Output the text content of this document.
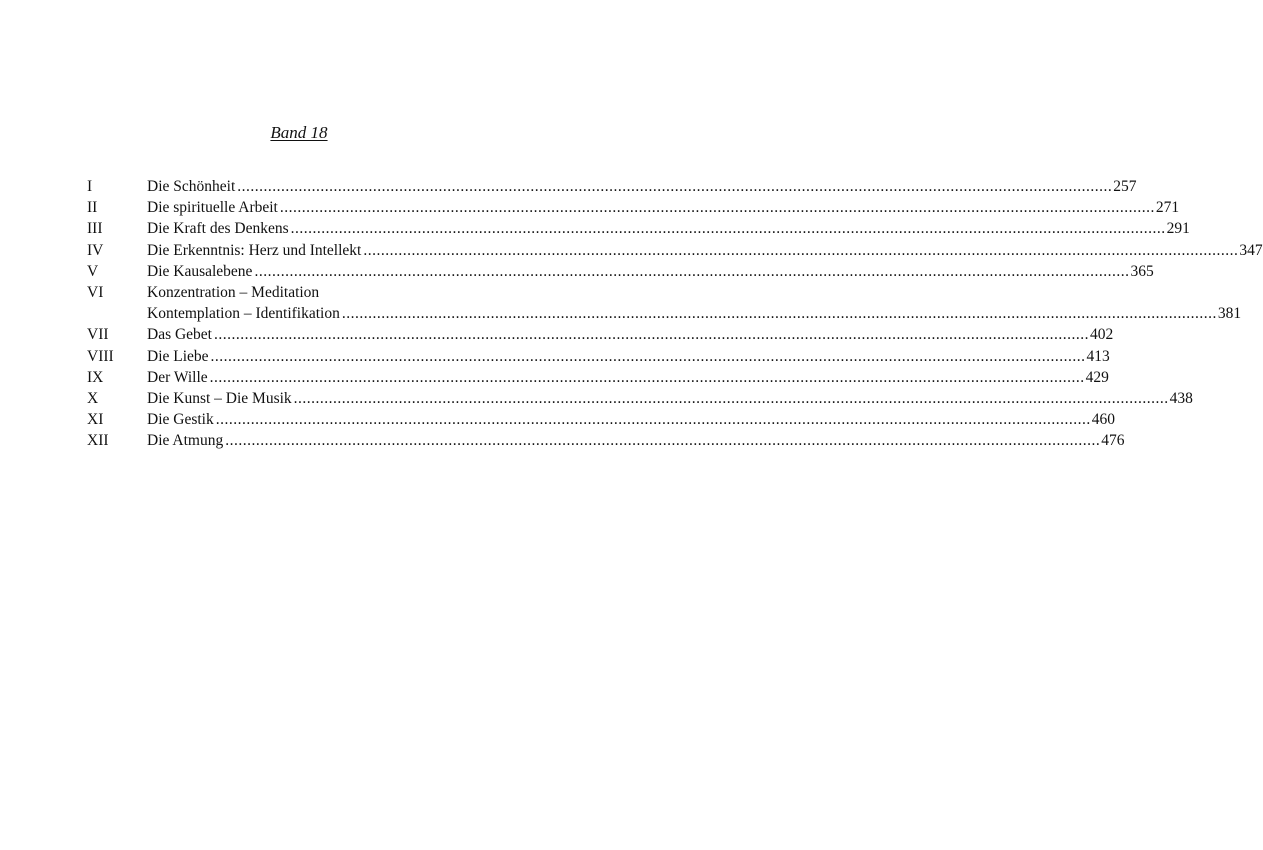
Band 18
I	Die Schönheit ........................................................................................................................................................................................................ 257
II	Die spirituelle Arbeit ........................................................................................................................................................................................................ 271
III	Die Kraft des Denkens ........................................................................................................................................................................................................ 291
IV	Die Erkenntnis: Herz und Intellekt ........................................................................................................................................................................................................ 347
V	Die Kausalebene ........................................................................................................................................................................................................ 365
VI	Konzentration – Meditation
Kontemplation – Identifikation ........................................................................................................................................................................................................ 381
VII Das Gebet ........................................................................................................................................................................................................ 402
VIII Die Liebe ........................................................................................................................................................................................................ 413
IX	Der Wille ........................................................................................................................................................................................................ 429
X	Die Kunst – Die Musik ........................................................................................................................................................................................................ 438
XI	Die Gestik ........................................................................................................................................................................................................ 460
XII Die Atmung ........................................................................................................................................................................................................ 476
